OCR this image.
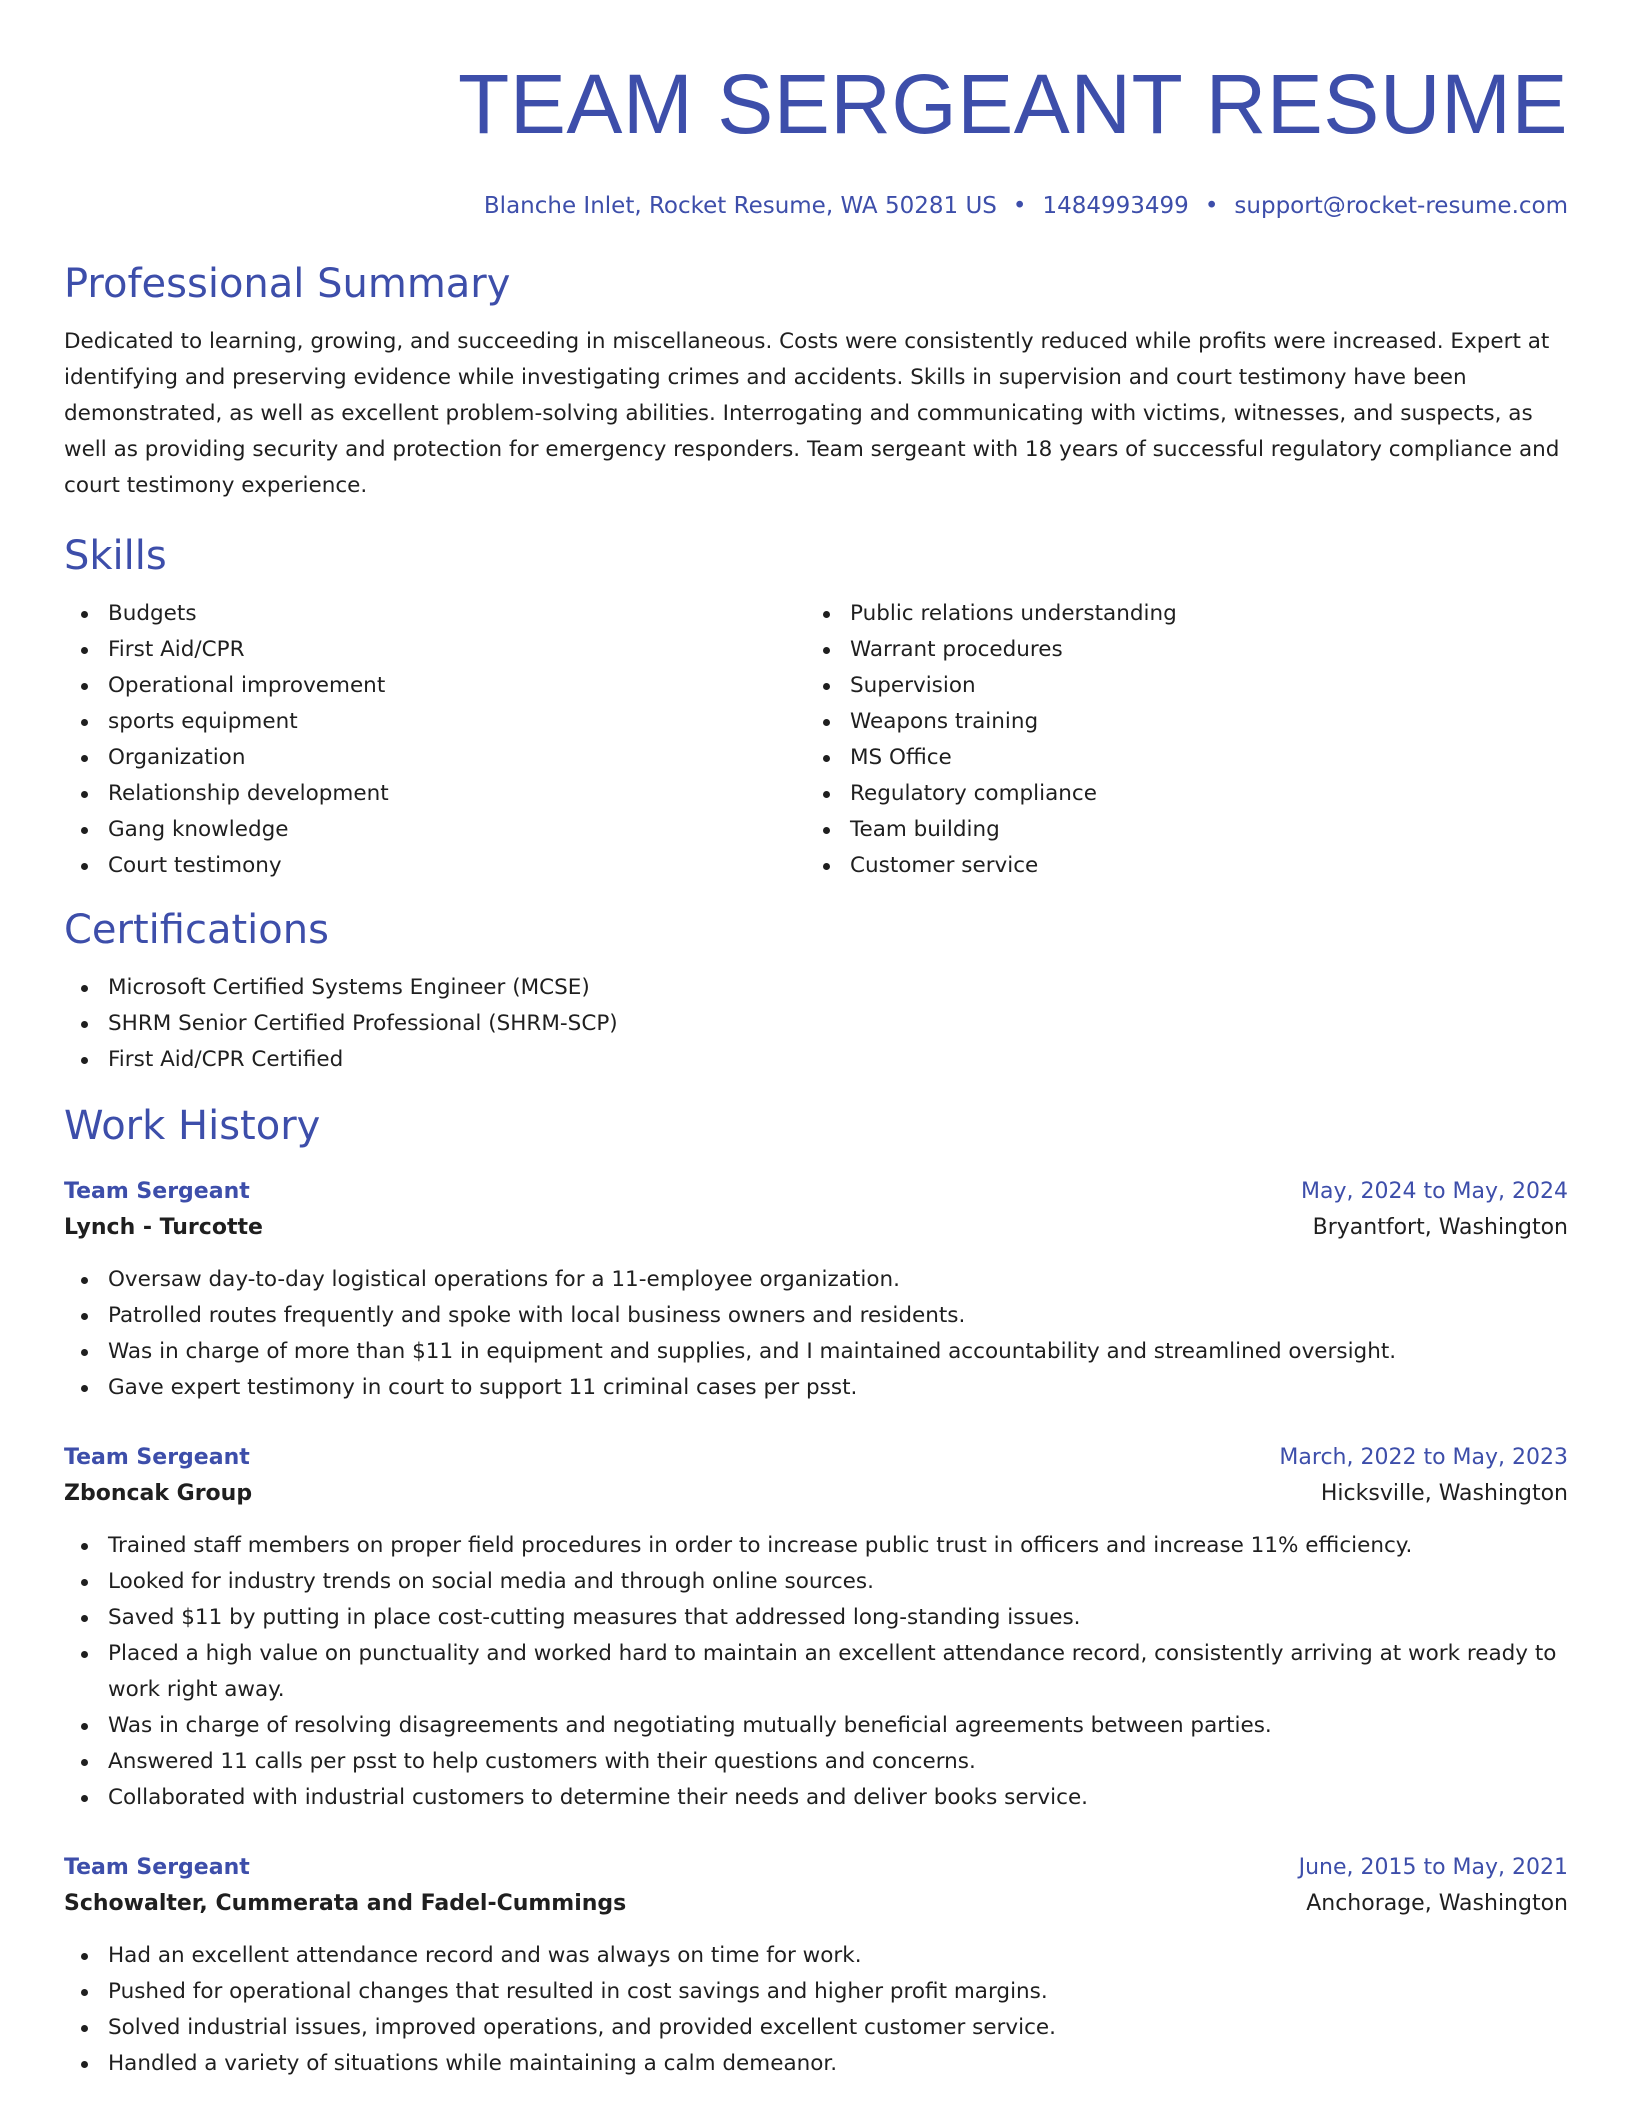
TEAM SERGEANT RESUME
Blanche Inlet, Rocket Resume, WA 50281 US • 1484993499 • support@rocket-resume.com
Professional Summary

Dedicated to learning, growing, and succeeding in miscellaneous. Costs were consistently reduced while profits were increased. Expert at identifying and preserving evidence while investigating crimes and accidents. Skills in supervision and court testimony have been demonstrated, as well as excellent problem-solving abilities. Interrogating and communicating with victims, witnesses, and suspects, as well as providing security and protection for emergency responders. Team sergeant with 18 years of successful regulatory compliance and court testimony experience.

Skills
Budgets
First Aid/CPR
Operational improvement
sports equipment
Organization
Relationship development
Gang knowledge
Court testimony
Public relations understanding
Warrant procedures
Supervision
Weapons training
MS Office
Regulatory compliance
Team building
Customer service
Certifications
Microsoft Certified Systems Engineer (MCSE)
SHRM Senior Certified Professional (SHRM-SCP)
First Aid/CPR Certified
Work History
Team Sergeant	May, 2024 to May, 2024
Lynch - Turcotte	Bryantfort, Washington
Oversaw day-to-day logistical operations for a 11-employee organization.
Patrolled routes frequently and spoke with local business owners and residents.
Was in charge of more than $11 in equipment and supplies, and I maintained accountability and streamlined oversight.
Gave expert testimony in court to support 11 criminal cases per psst.
Team Sergeant	March, 2022 to May, 2023
Zboncak Group	Hicksville, Washington
Trained staff members on proper field procedures in order to increase public trust in officers and increase 11% efficiency.
Looked for industry trends on social media and through online sources.
Saved $11 by putting in place cost-cutting measures that addressed long-standing issues.
Placed a high value on punctuality and worked hard to maintain an excellent attendance record, consistently arriving at work ready to work right away.
Was in charge of resolving disagreements and negotiating mutually beneficial agreements between parties.
Answered 11 calls per psst to help customers with their questions and concerns.
Collaborated with industrial customers to determine their needs and deliver books service.
Team Sergeant	June, 2015 to May, 2021
Schowalter, Cummerata and Fadel-Cummings	Anchorage, Washington
Had an excellent attendance record and was always on time for work.
Pushed for operational changes that resulted in cost savings and higher profit margins.
Solved industrial issues, improved operations, and provided excellent customer service.
Handled a variety of situations while maintaining a calm demeanor.
